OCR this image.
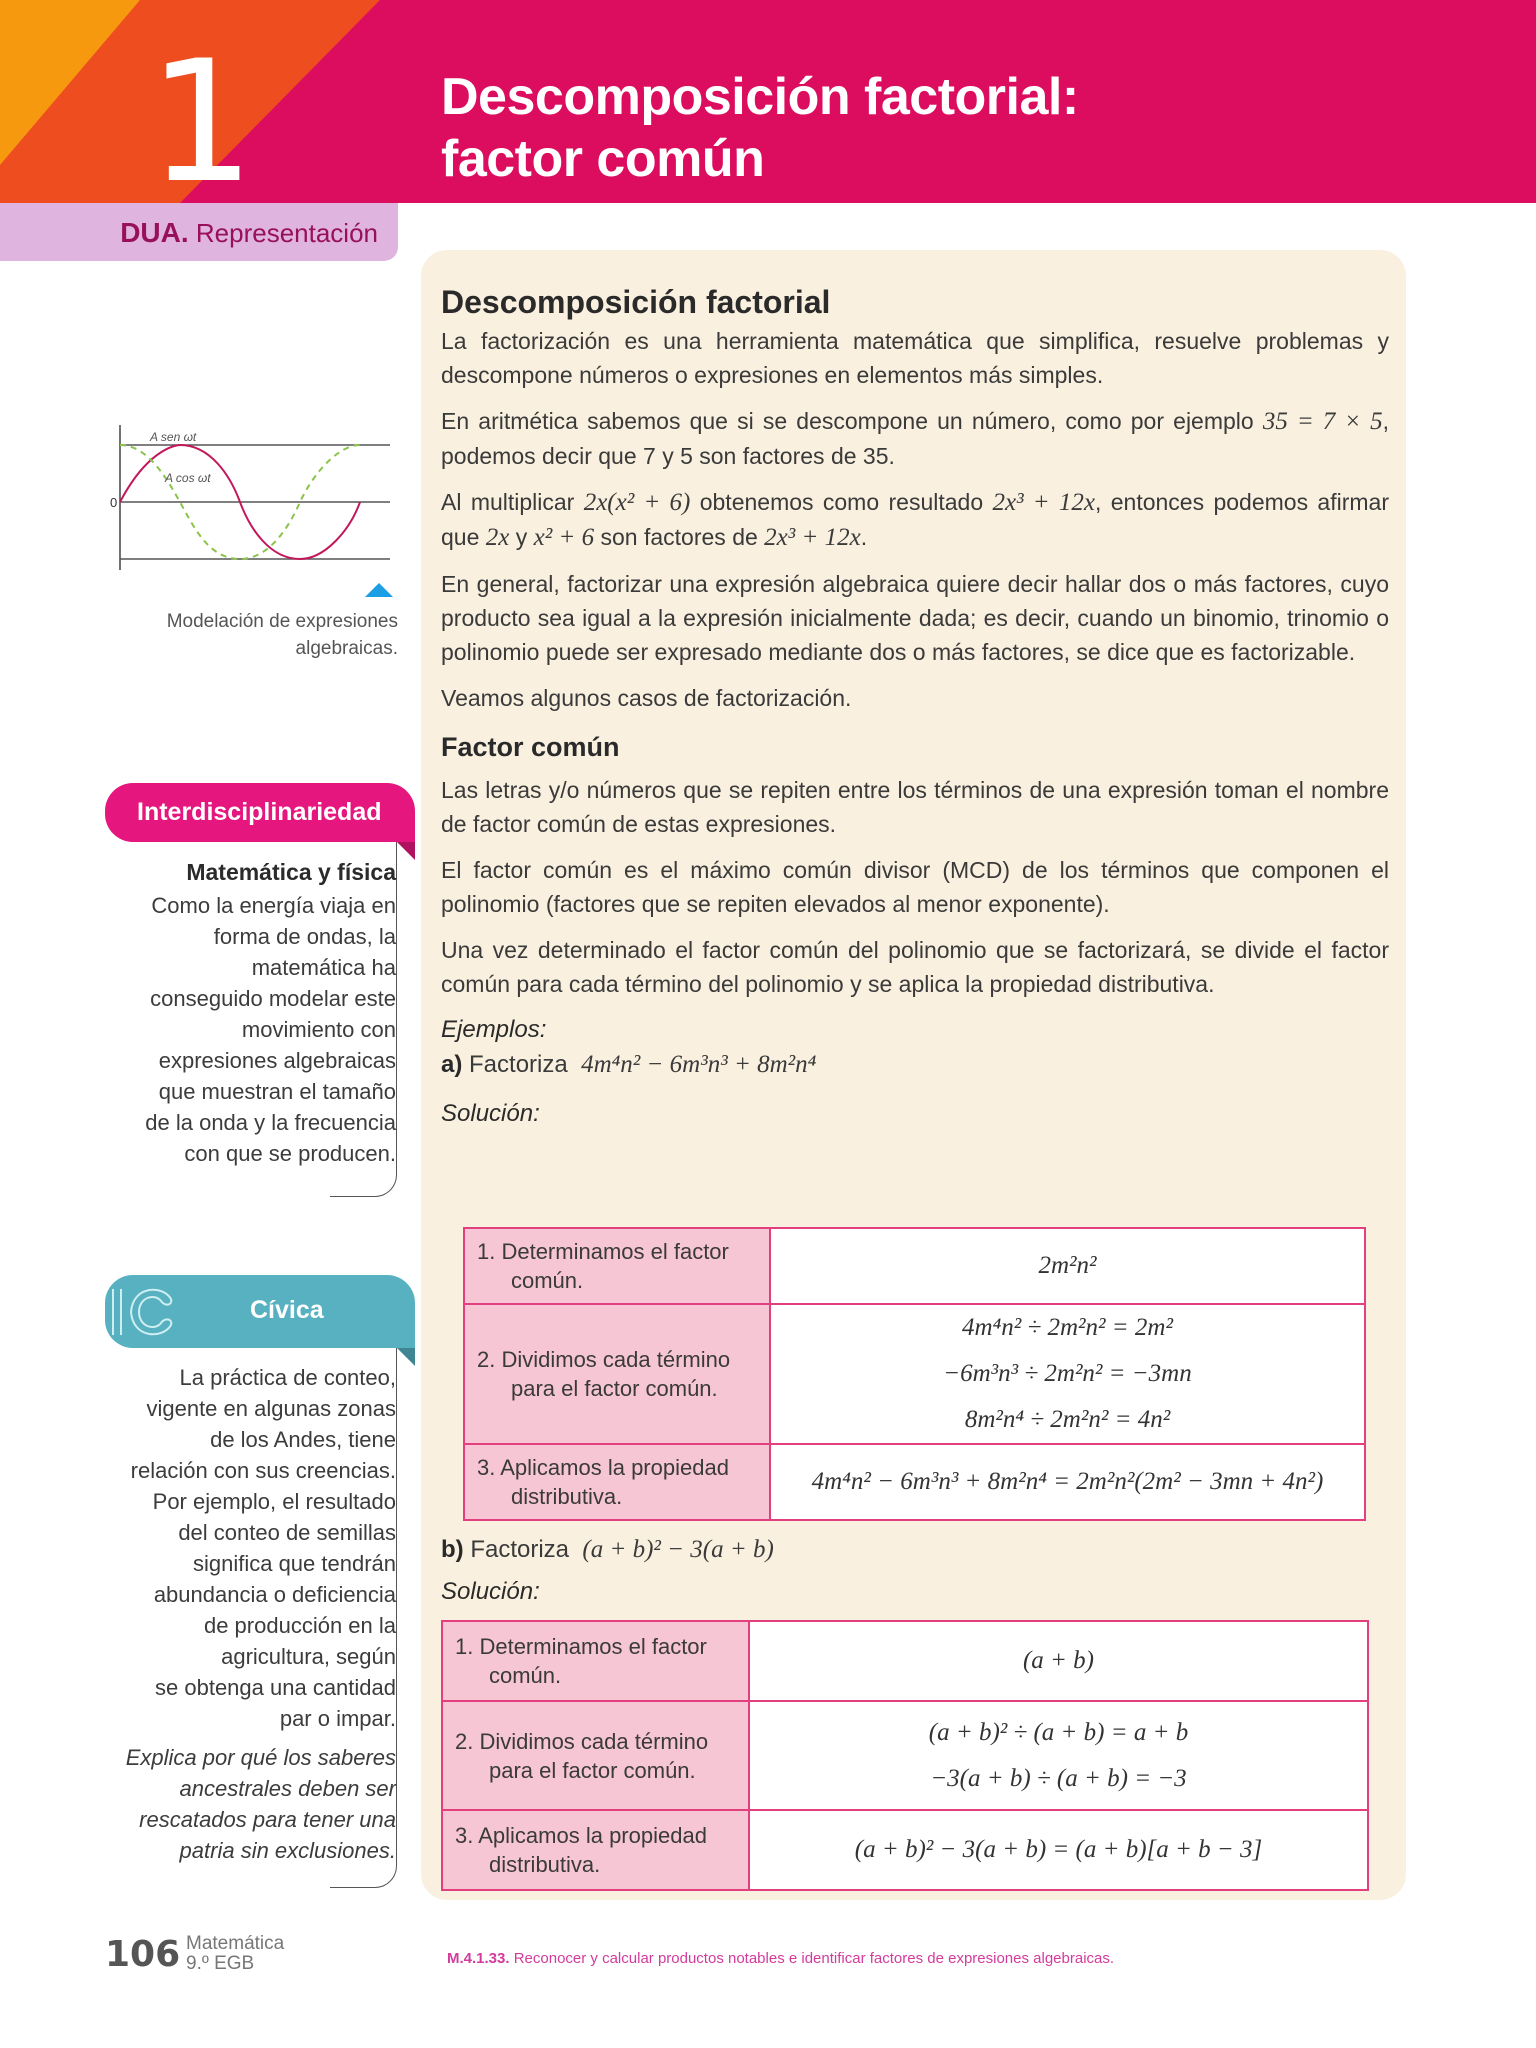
1	Descomposición factorial:
factor común
DUA. Representación
A sen ωt
A cos ωt
0
Modelación de expresiones algebraicas.
Interdisciplinariedad
Matemática y física
Como la energía viaja en
forma de ondas, la
matemática ha
conseguido modelar este
movimiento con
expresiones algebraicas
que muestran el tamaño
de la onda y la frecuencia
con que se producen.
Cívica
La práctica de conteo,
vigente en algunas zonas
de los Andes, tiene
relación con sus creencias.
Por ejemplo, el resultado
del conteo de semillas
significa que tendrán
abundancia o deficiencia
de producción en la
agricultura, según
se obtenga una cantidad
par o impar.
Explica por qué los saberes
ancestrales deben ser
rescatados para tener una
patria sin exclusiones.
Descomposición factorial
La factorización es una herramienta matemática que simplifica, resuelve problemas y descompone números o expresiones en elementos más simples.
En aritmética sabemos que si se descompone un número, como por ejemplo 35 = 7 × 5, podemos decir que 7 y 5 son factores de 35.
Al multiplicar 2x(x² + 6) obtenemos como resultado 2x³ + 12x, entonces podemos afirmar que 2x y x² + 6 son factores de 2x³ + 12x.
En general, factorizar una expresión algebraica quiere decir hallar dos o más factores, cuyo producto sea igual a la expresión inicialmente dada; es decir, cuando un binomio, trinomio o polinomio puede ser expresado mediante dos o más factores, se dice que es factorizable.
Veamos algunos casos de factorización.
Factor común
Las letras y/o números que se repiten entre los términos de una expresión toman el nombre de factor común de estas expresiones.
El factor común es el máximo común divisor (MCD) de los términos que componen el polinomio (factores que se repiten elevados al menor exponente).
Una vez determinado el factor común del polinomio que se factorizará, se divide el factor común para cada término del polinomio y se aplica la propiedad distributiva.
Ejemplos:
a) Factoriza 4m⁴n² − 6m³n³ + 8m²n⁴
Solución:
1. Determinamos el factor común.	2m²n²

2. Dividimos cada término para el factor común.	4m⁴n² ÷ 2m²n² = 2m²
−6m³n³ ÷ 2m²n² = −3mn
8m²n⁴ ÷ 2m²n² = 4n²

3. Aplicamos la propiedad distributiva.	4m⁴n² − 6m³n³ + 8m²n⁴ = 2m²n²(2m² − 3mn + 4n²)
b) Factoriza (a + b)² − 3(a + b)
Solución:
1. Determinamos el factor común.	(a + b)

2. Dividimos cada término para el factor común.	(a + b)² ÷ (a + b) = a + b
−3(a + b) ÷ (a + b) = −3

3. Aplicamos la propiedad distributiva.	(a + b)² − 3(a + b) = (a + b)[a + b − 3]
106 Matemática
9.º EGB	M.4.1.33. Reconocer y calcular productos notables e identificar factores de expresiones algebraicas.
